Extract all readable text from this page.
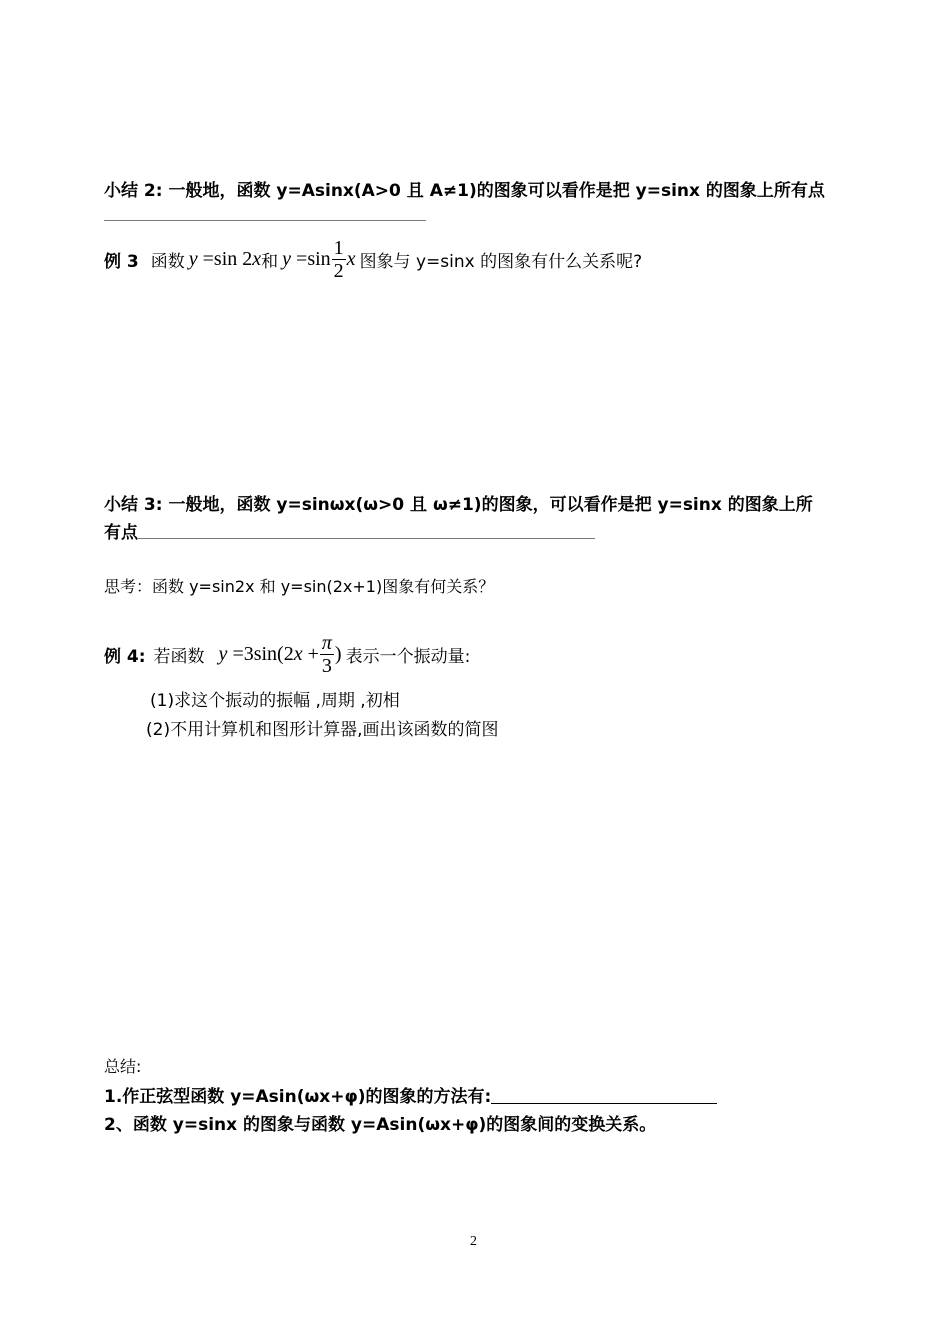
小结 2: 一般地，函数 y=Asinx(A>0 且 A≠1)的图象可以看作是把 y=sinx 的图象上所有点
例 3 函数 y =sin 2x 和 y
= $\sin \frac{1}{2}$ x 图象与 y=sinx 的图象有什么关系呢?
小结 3: 一般地，函数 y=sinωx(ω>0 且 ω≠1)的图象，可以看作是把 y=sinx 的图象上所
有点
思考：函数 y=sin2x 和 y=sin(2x+1)图象有何关系？
例 4: 若函数 y
= 3sin(2 x
+ $\frac{\pi}{3}$ ) 表示一个振动量:
(1)求这个振动的振幅 ,周期 ,初相
(2)不用计算机和图形计算器,画出该函数的简图
总结:
1.作正弦型函数 y=Asin(ωx+φ)的图象的方法有:
2、函数 y=sinx 的图象与函数 y=Asin(ωx+φ)的图象间的变换关系。
2
